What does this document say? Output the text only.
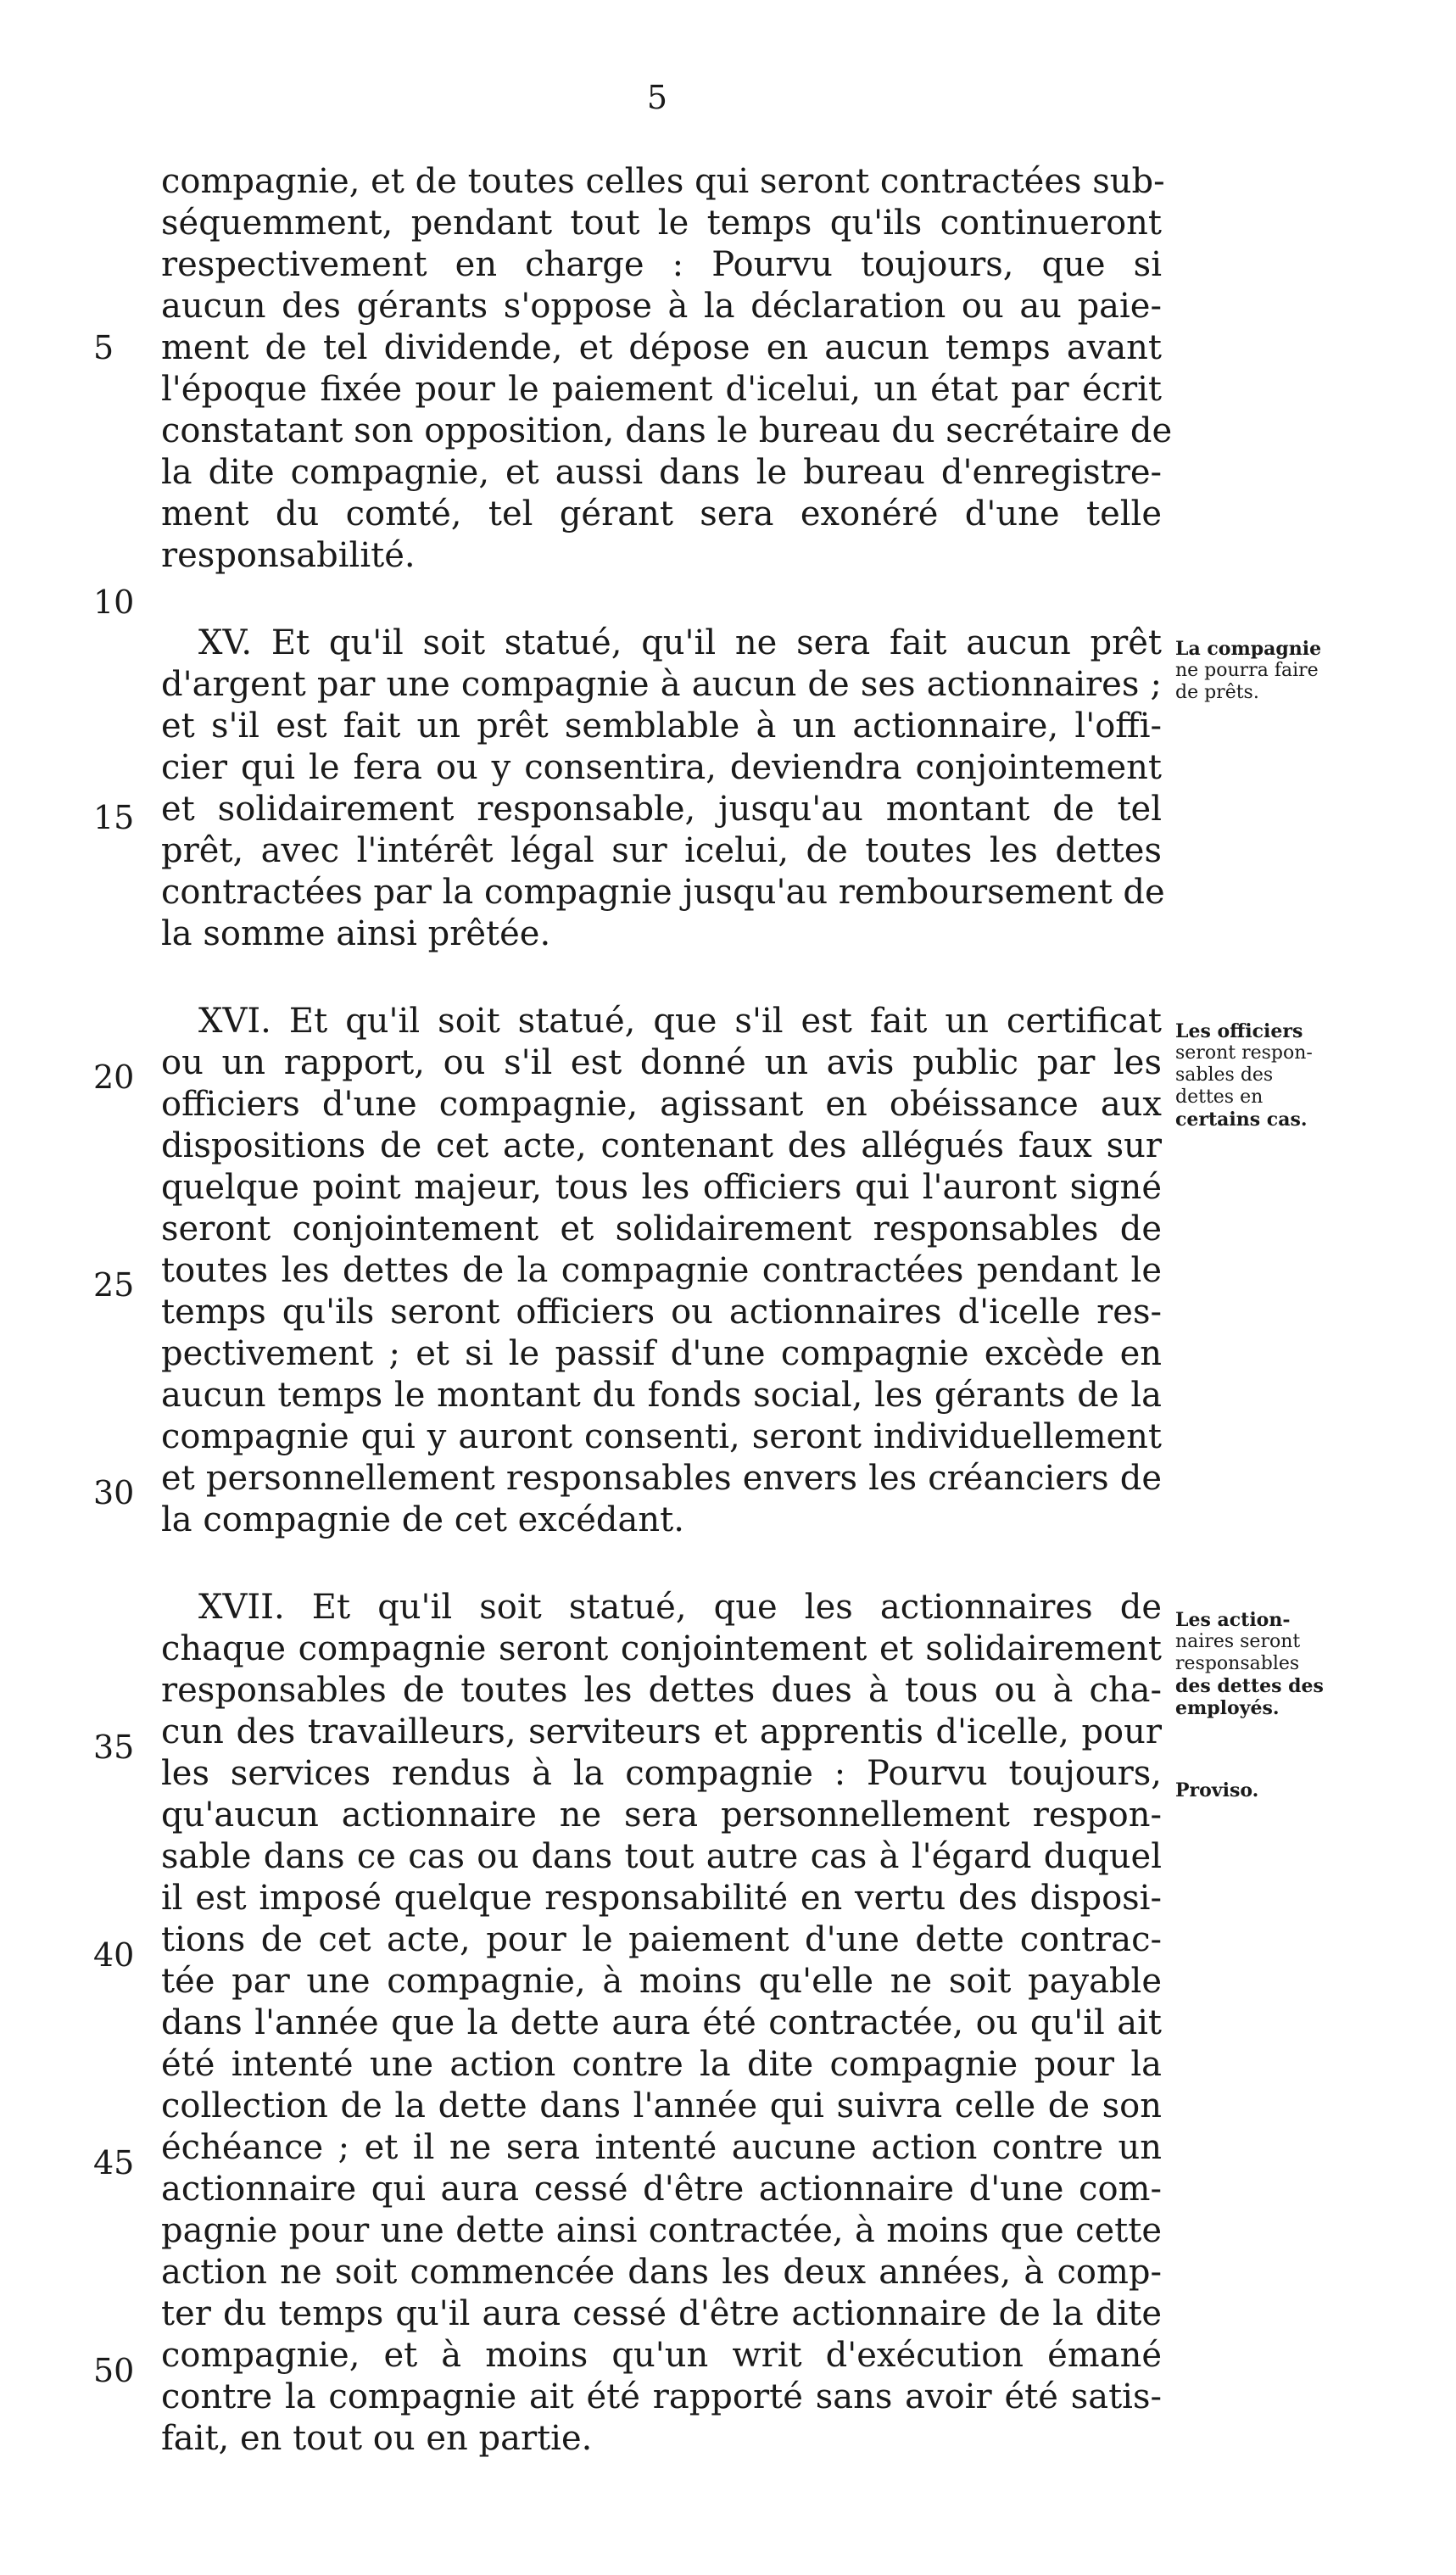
5
5
10
15
20
25
30
35
40
45
50
compagnie, et de toutes celles qui seront contractées sub-
séquemment, pendant tout le temps qu'ils continueront
respectivement en charge : Pourvu toujours, que si
aucun des gérants s'oppose à la déclaration ou au paie-
ment de tel dividende, et dépose en aucun temps avant
l'époque fixée pour le paiement d'icelui, un état par écrit
constatant son opposition, dans le bureau du secrétaire de
la dite compagnie, et aussi dans le bureau d'enregistre-
ment du comté, tel gérant sera exonéré d'une telle
responsabilité.
XV. Et qu'il soit statué, qu'il ne sera fait aucun prêt
d'argent par une compagnie à aucun de ses actionnaires ;
et s'il est fait un prêt semblable à un actionnaire, l'offi-
cier qui le fera ou y consentira, deviendra conjointement
et solidairement responsable, jusqu'au montant de tel
prêt, avec l'intérêt légal sur icelui, de toutes les dettes
contractées par la compagnie jusqu'au remboursement de
la somme ainsi prêtée.
XVI. Et qu'il soit statué, que s'il est fait un certificat
ou un rapport, ou s'il est donné un avis public par les
officiers d'une compagnie, agissant en obéissance aux
dispositions de cet acte, contenant des allégués faux sur
quelque point majeur, tous les officiers qui l'auront signé
seront conjointement et solidairement responsables de
toutes les dettes de la compagnie contractées pendant le
temps qu'ils seront officiers ou actionnaires d'icelle res-
pectivement ; et si le passif d'une compagnie excède en
aucun temps le montant du fonds social, les gérants de la
compagnie qui y auront consenti, seront individuellement
et personnellement responsables envers les créanciers de
la compagnie de cet excédant.
XVII. Et qu'il soit statué, que les actionnaires de
chaque compagnie seront conjointement et solidairement
responsables de toutes les dettes dues à tous ou à cha-
cun des travailleurs, serviteurs et apprentis d'icelle, pour
les services rendus à la compagnie : Pourvu toujours,
qu'aucun actionnaire ne sera personnellement respon-
sable dans ce cas ou dans tout autre cas à l'égard duquel
il est imposé quelque responsabilité en vertu des disposi-
tions de cet acte, pour le paiement d'une dette contrac-
tée par une compagnie, à moins qu'elle ne soit payable
dans l'année que la dette aura été contractée, ou qu'il ait
été intenté une action contre la dite compagnie pour la
collection de la dette dans l'année qui suivra celle de son
échéance ; et il ne sera intenté aucune action contre un
actionnaire qui aura cessé d'être actionnaire d'une com-
pagnie pour une dette ainsi contractée, à moins que cette
action ne soit commencée dans les deux années, à comp-
ter du temps qu'il aura cessé d'être actionnaire de la dite
compagnie, et à moins qu'un writ d'exécution émané
contre la compagnie ait été rapporté sans avoir été satis-
fait, en tout ou en partie.
La compagnie
ne pourra faire
de prêts.
Les officiers
seront respon-
sables des
dettes en
certains cas.
Les action-
naires seront
responsables
des dettes des
employés.
Proviso.
